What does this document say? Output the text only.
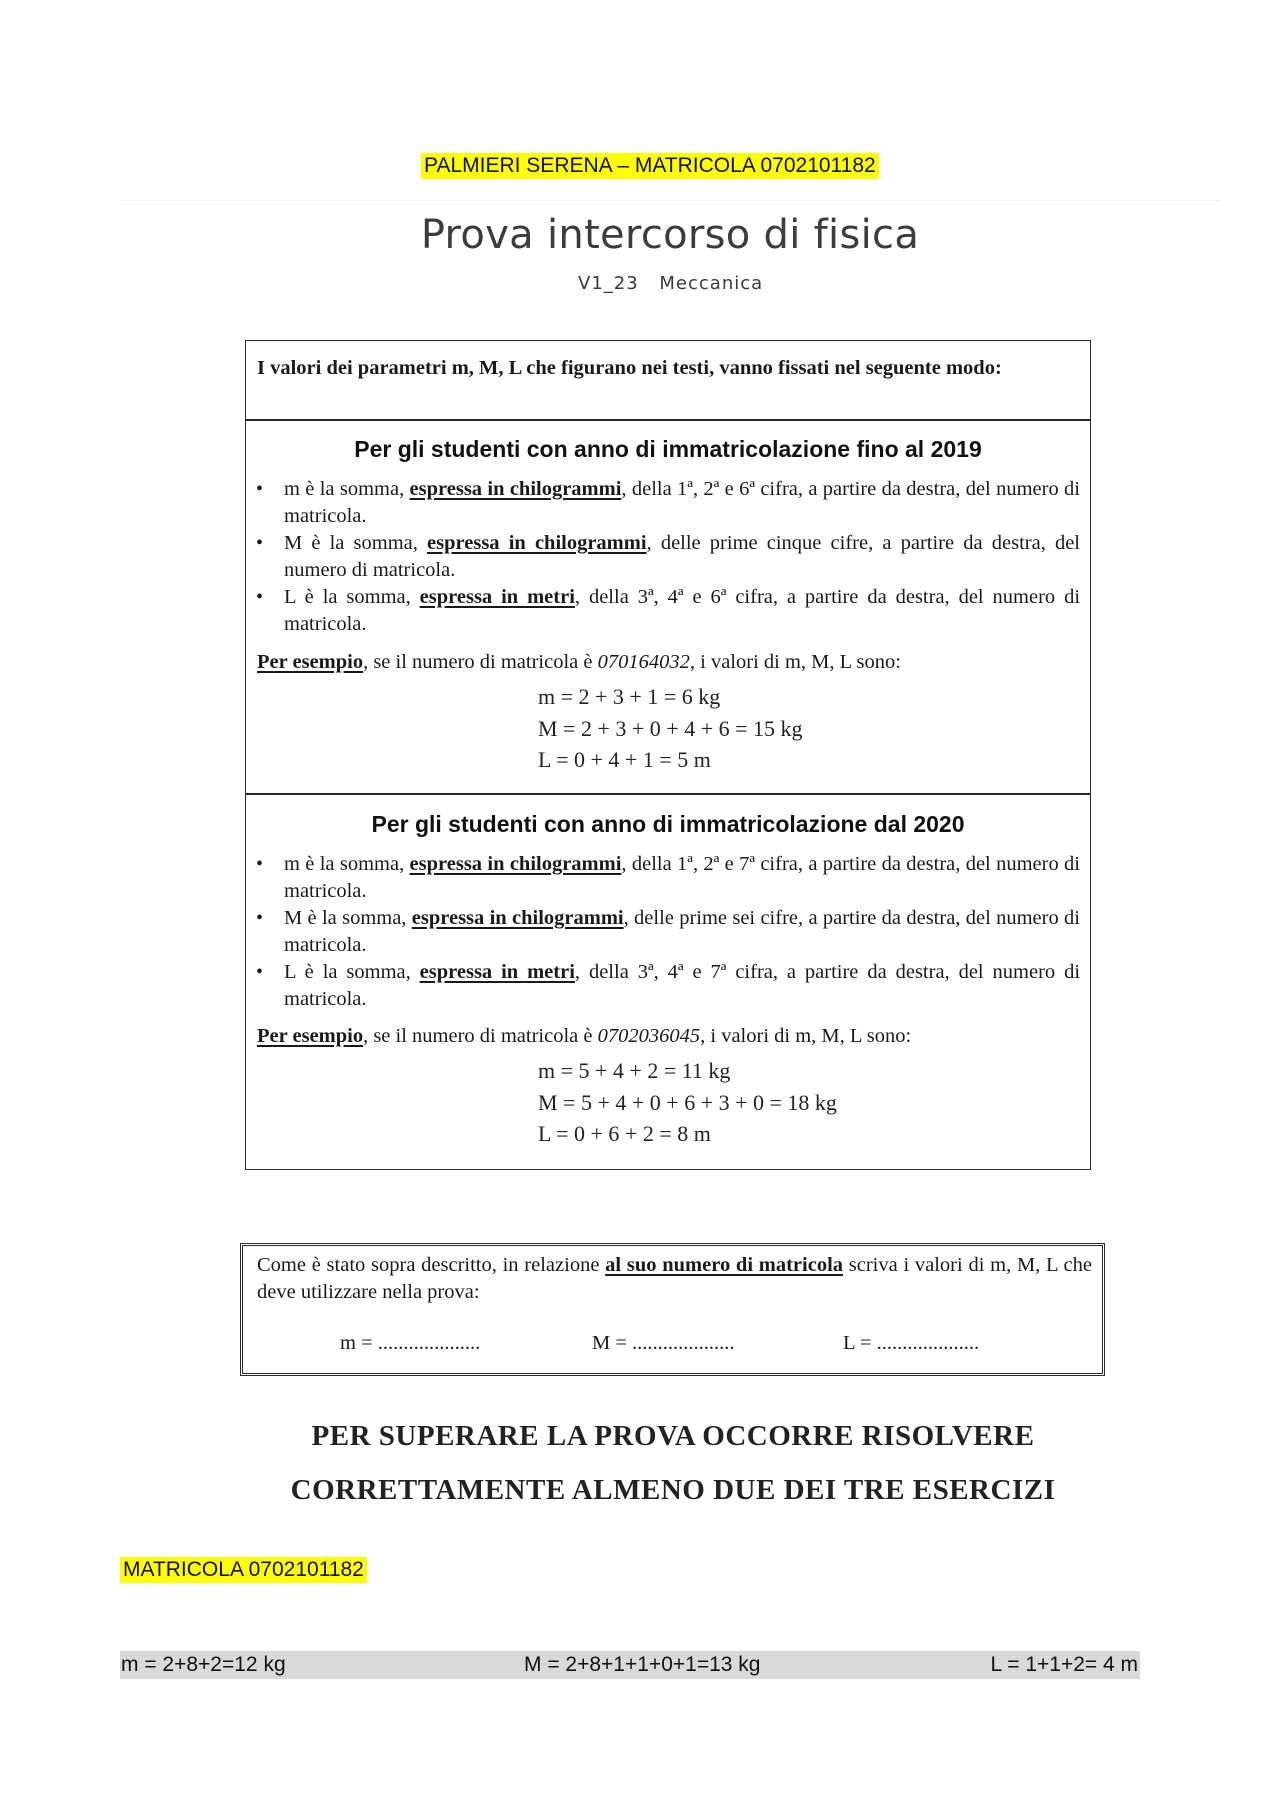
PALMIERI SERENA – MATRICOLA 0702101182
Prova intercorso di fisica
V1_23 Meccanica
I valori dei parametri m, M, L che figurano nei testi, vanno fissati nel seguente modo:
Per gli studenti con anno di immatricolazione fino al 2019
• m è la somma, espressa in chilogrammi, della 1ª, 2ª e 6ª cifra, a partire da destra, del numero di matricola.
• M è la somma, espressa in chilogrammi, delle prime cinque cifre, a partire da destra, del numero di matricola.
• L è la somma, espressa in metri, della 3ª, 4ª e 6ª cifra, a partire da destra, del numero di matricola.
Per esempio, se il numero di matricola è 070164032, i valori di m, M, L sono:
m = 2 + 3 + 1 = 6 kg
M = 2 + 3 + 0 + 4 + 6 = 15 kg
L = 0 + 4 + 1 = 5 m
Per gli studenti con anno di immatricolazione dal 2020
• m è la somma, espressa in chilogrammi, della 1ª, 2ª e 7ª cifra, a partire da destra, del numero di matricola.
• M è la somma, espressa in chilogrammi, delle prime sei cifre, a partire da destra, del numero di matricola.
• L è la somma, espressa in metri, della 3ª, 4ª e 7ª cifra, a partire da destra, del numero di matricola.
Per esempio, se il numero di matricola è 0702036045, i valori di m, M, L sono:
m = 5 + 4 + 2 = 11 kg
M = 5 + 4 + 0 + 6 + 3 + 0 = 18 kg
L = 0 + 6 + 2 = 8 m
Come è stato sopra descritto, in relazione al suo numero di matricola scriva i valori di m, M, L che deve utilizzare nella prova:
m = ....................	M = ....................	L = ....................
PER SUPERARE LA PROVA OCCORRE RISOLVERE
CORRETTAMENTE ALMENO DUE DEI TRE ESERCIZI
MATRICOLA 0702101182
m = 2+8+2=12 kg	M = 2+8+1+1+0+1=13 kg	L = 1+1+2= 4 m
